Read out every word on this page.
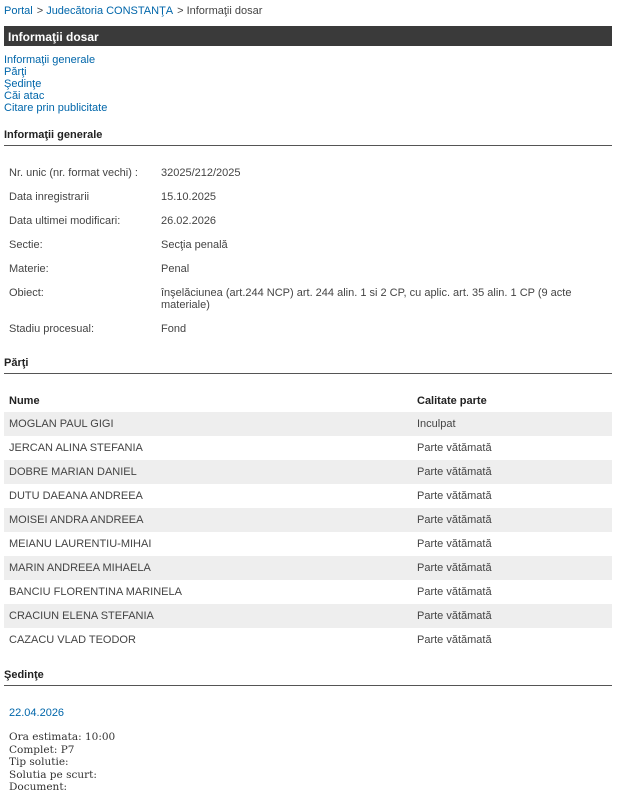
Portal > Judecătoria CONSTANŢA > Informaţii dosar
Informaţii dosar
Informaţii generale
Părţi
Şedinţe
Căi atac
Citare prin publicitate
Informaţii generale
Nr. unic (nr. format vechi) :	32025/212/2025
Data inregistrarii	15.10.2025
Data ultimei modificari:	26.02.2026
Sectie:	Secţia penală
Materie:	Penal
Obiect:	înşelăciunea (art.244 NCP) art. 244 alin. 1 si 2 CP, cu aplic. art. 35 alin. 1 CP (9 acte materiale)
Stadiu procesual:	Fond
Părţi
Nume	Calitate parte
MOGLAN PAUL GIGI	Inculpat
JERCAN ALINA STEFANIA	Parte vătămată
DOBRE MARIAN DANIEL	Parte vătămată
DUTU DAEANA ANDREEA	Parte vătămată
MOISEI ANDRA ANDREEA	Parte vătămată
MEIANU LAURENTIU-MIHAI	Parte vătămată
MARIN ANDREEA MIHAELA	Parte vătămată
BANCIU FLORENTINA MARINELA	Parte vătămată
CRACIUN ELENA STEFANIA	Parte vătămată
CAZACU VLAD TEODOR	Parte vătămată
Şedinţe
22.04.2026
Ora estimata: 10:00
Complet: P7
Tip solutie:
Solutia pe scurt:
Document:
